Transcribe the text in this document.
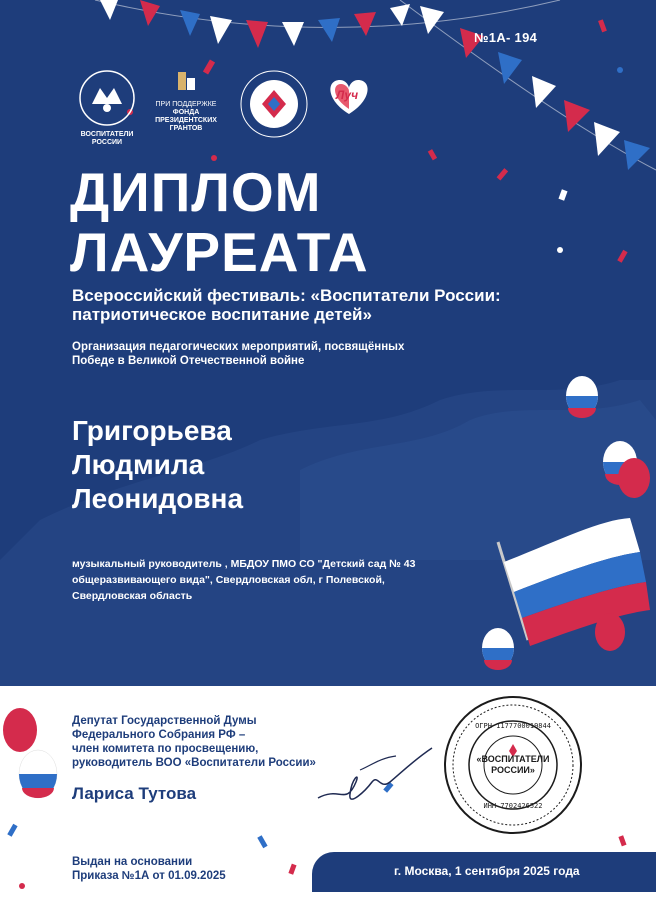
№1А- 194
ВОСПИТАТЕЛИ РОССИИ
ПРИ ПОДДЕРЖКЕ
ФОНДА
ПРЕЗИДЕНТСКИХ
ГРАНТОВ
Луч
ДИПЛОМ
ЛАУРЕАТА
Всероссийский фестиваль: «Воспитатели России:
патриотическое воспитание детей»
Организация педагогических мероприятий, посвящённых
Победе в Великой Отечественной войне
Григорьева
Людмила
Леонидовна
музыкальный руководитель , МБДОУ ПМО СО "Детский сад № 43
общеразвивающего вида", Свердловская обл, г Полевской,
Свердловская область
Депутат Государственной Думы
Федерального Собрания РФ –
член комитета по просвещению,
руководитель ВОО «Воспитатели России»
Лариса Тутова
Выдан на основании
Приказа №1А от 01.09.2025
ОГРН 1177700019844
«ВОСПИТАТЕЛИ
РОССИИ»
ИНН 7702426522
г. Москва, 1 сентября 2025 года
